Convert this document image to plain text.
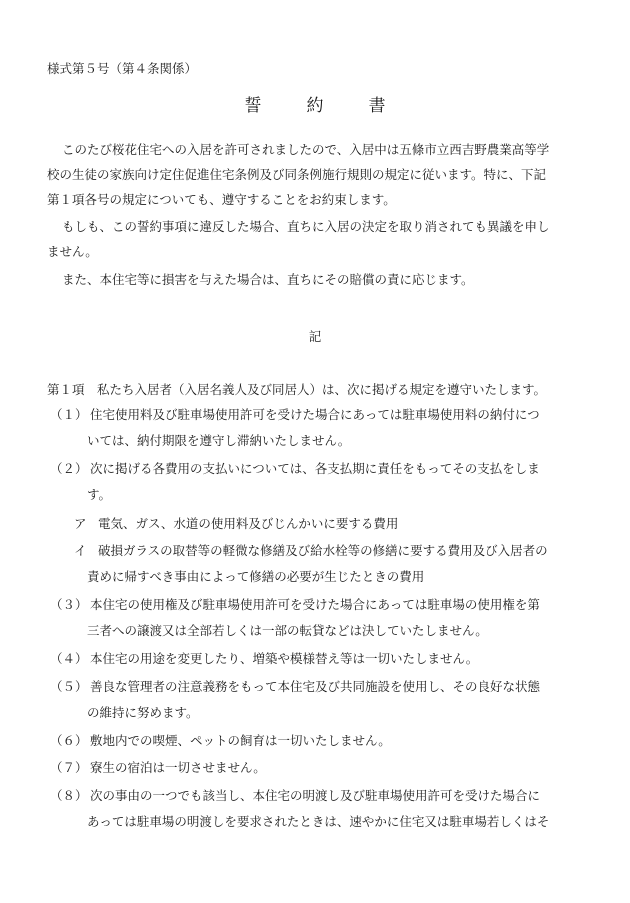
様式第５号（第４条関係）

誓　約　書

このたび桜花住宅への入居を許可されましたので、入居中は五條市立西吉野農業高等学

校の生徒の家族向け定住促進住宅条例及び同条例施行規則の規定に従います。特に、下記

第１項各号の規定についても、遵守することをお約束します。

もしも、この誓約事項に違反した場合、直ちに入居の決定を取り消されても異議を申し

ません。

また、本住宅等に損害を与えた場合は、直ちにその賠償の責に応じます。

記

第１項　私たち入居者（入居名義人及び同居人）は、次に掲げる規定を遵守いたします。

（１） 住宅使用料及び駐車場使用許可を受けた場合にあっては駐車場使用料の納付につ

いては、納付期限を遵守し滞納いたしません。

（２） 次に掲げる各費用の支払いについては、各支払期に責任をもってその支払をしま

す。

ア 電気、ガス、水道の使用料及びじんかいに要する費用

イ 破損ガラスの取替等の軽微な修繕及び給水栓等の修繕に要する費用及び入居者の

責めに帰すべき事由によって修繕の必要が生じたときの費用

（３） 本住宅の使用権及び駐車場使用許可を受けた場合にあっては駐車場の使用権を第

三者への譲渡又は全部若しくは一部の転貸などは決していたしません。

（４） 本住宅の用途を変更したり、増築や模様替え等は一切いたしません。

（５） 善良な管理者の注意義務をもって本住宅及び共同施設を使用し、その良好な状態

の維持に努めます。

（６） 敷地内での喫煙、ペットの飼育は一切いたしません。

（７） 寮生の宿泊は一切させません。

（８） 次の事由の一つでも該当し、本住宅の明渡し及び駐車場使用許可を受けた場合に

あっては駐車場の明渡しを要求されたときは、速やかに住宅又は駐車場若しくはそ
